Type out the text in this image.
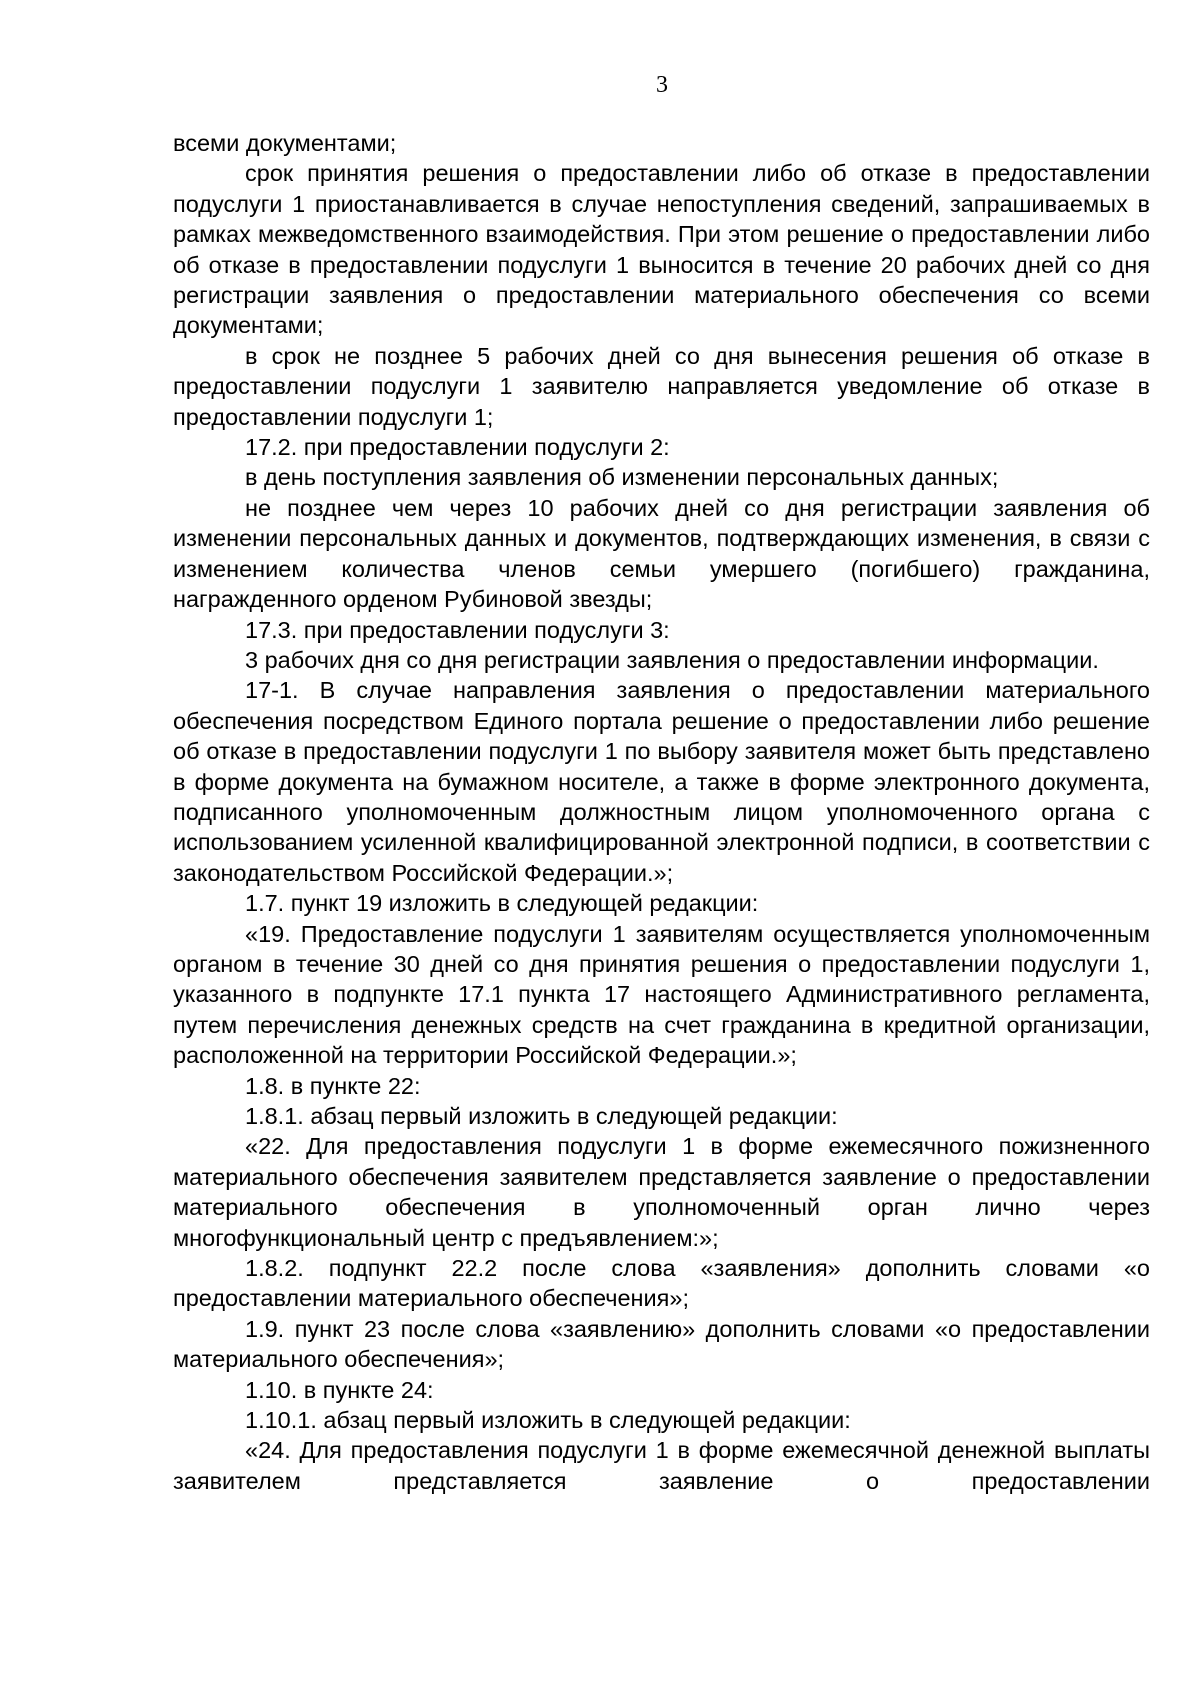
3

всеми документами;

срок принятия решения о предоставлении либо об отказе в предоставлении подуслуги 1 приостанавливается в случае непоступления сведений, запрашиваемых в рамках межведомственного взаимодействия. При этом решение о предоставлении либо об отказе в предоставлении подуслуги 1 выносится в течение 20 рабочих дней со дня регистрации заявления о предоставлении материального обеспечения со всеми документами;

в срок не позднее 5 рабочих дней со дня вынесения решения об отказе в предоставлении подуслуги 1 заявителю направляется уведомление об отказе в предоставлении подуслуги 1;

17.2. при предоставлении подуслуги 2:

в день поступления заявления об изменении персональных данных;

не позднее чем через 10 рабочих дней со дня регистрации заявления об изменении персональных данных и документов, подтверждающих изменения, в связи с изменением количества членов семьи умершего (погибшего) гражданина, награжденного орденом Рубиновой звезды;

17.3. при предоставлении подуслуги 3:

3 рабочих дня со дня регистрации заявления о предоставлении информации.

17-1. В случае направления заявления о предоставлении материального обеспечения посредством Единого портала решение о предоставлении либо решение об отказе в предоставлении подуслуги 1 по выбору заявителя может быть представлено в форме документа на бумажном носителе, а также в форме электронного документа, подписанного уполномоченным должностным лицом уполномоченного органа с использованием усиленной квалифицированной электронной подписи, в соответствии с законодательством Российской Федерации.»;

1.7. пункт 19 изложить в следующей редакции:

«19. Предоставление подуслуги 1 заявителям осуществляется уполномоченным органом в течение 30 дней со дня принятия решения о предоставлении подуслуги 1, указанного в подпункте 17.1 пункта 17 настоящего Административного регламента, путем перечисления денежных средств на счет гражданина в кредитной организации, расположенной на территории Российской Федерации.»;

1.8. в пункте 22:

1.8.1. абзац первый изложить в следующей редакции:

«22. Для предоставления подуслуги 1 в форме ежемесячного пожизненного материального обеспечения заявителем представляется заявление о предоставлении материального обеспечения в уполномоченный орган лично через многофункциональный центр с предъявлением:»;

1.8.2. подпункт 22.2 после слова «заявления» дополнить словами «о предоставлении материального обеспечения»;

1.9. пункт 23 после слова «заявлению» дополнить словами «о предоставлении материального обеспечения»;

1.10. в пункте 24:

1.10.1. абзац первый изложить в следующей редакции:

«24. Для предоставления подуслуги 1 в форме ежемесячной денежной выплаты заявителем представляется заявление о предоставлении
